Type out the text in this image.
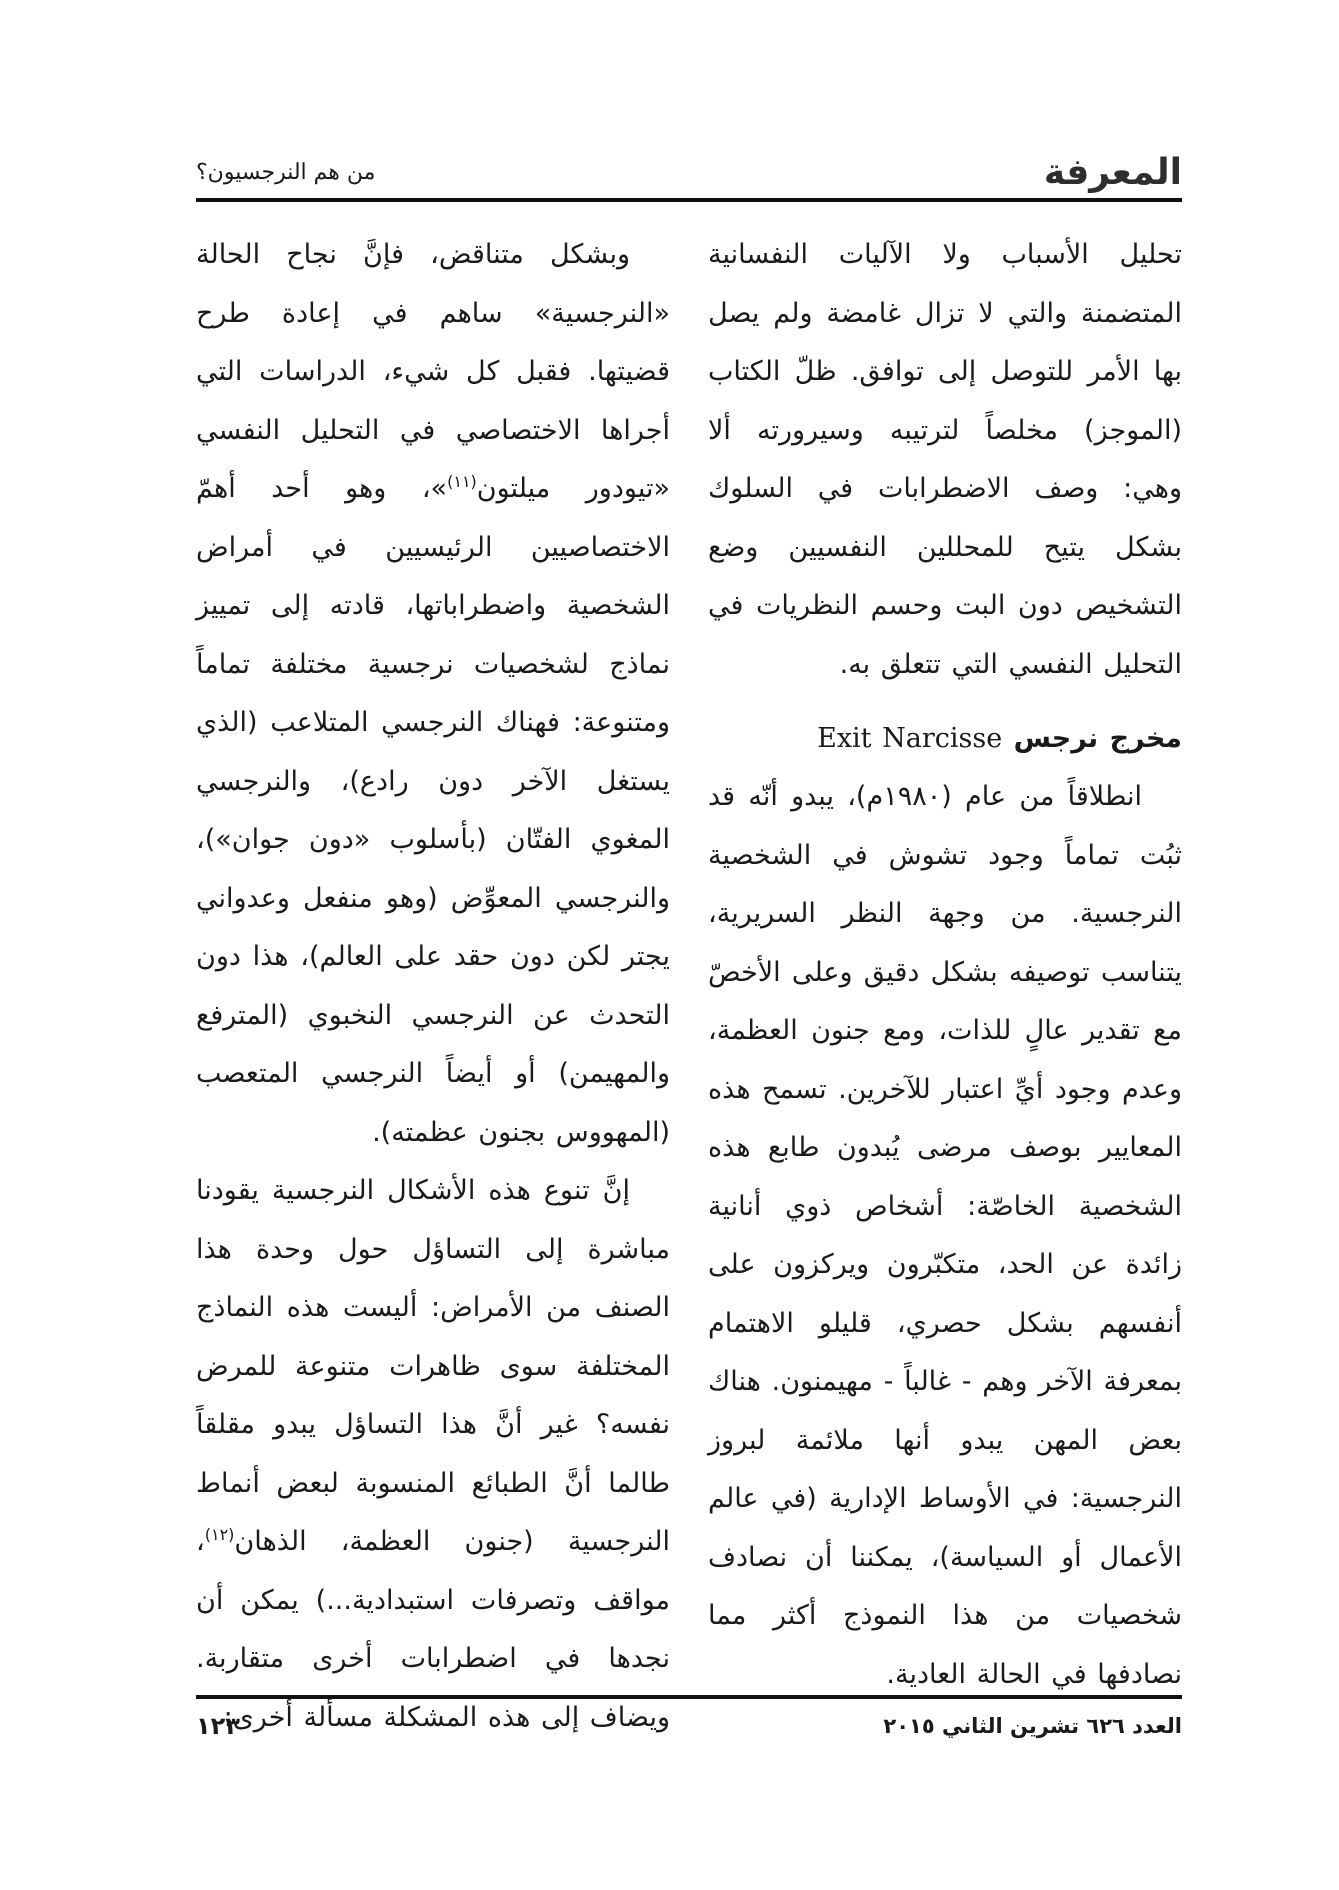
المعرفة
من هم النرجسيون؟

تحليل الأسباب ولا الآليات النفسانية المتضمنة والتي لا تزال غامضة ولم يصل بها الأمر للتوصل إلى توافق. ظلّ الكتاب (الموجز) مخلصاً لترتيبه وسيرورته ألا وهي: وصف الاضطرابات في السلوك بشكل يتيح للمحللين النفسيين وضع التشخيص دون البت وحسم النظريات في التحليل النفسي التي تتعلق به.

مخرج نرجس Exit Narcisse

انطلاقاً من عام (١٩٨٠م)، يبدو أنّه قد ثبُت تماماً وجود تشوش في الشخصية النرجسية. من وجهة النظر السريرية، يتناسب توصيفه بشكل دقيق وعلى الأخصّ مع تقدير عالٍ للذات، ومع جنون العظمة، وعدم وجود أيِّ اعتبار للآخرين. تسمح هذه المعايير بوصف مرضى يُبدون طابع هذه الشخصية الخاصّة: أشخاص ذوي أنانية زائدة عن الحد، متكبّرون ويركزون على أنفسهم بشكل حصري، قليلو الاهتمام بمعرفة الآخر وهم - غالباً - مهيمنون. هناك بعض المهن يبدو أنها ملائمة لبروز النرجسية: في الأوساط الإدارية (في عالم الأعمال أو السياسة)، يمكننا أن نصادف شخصيات من هذا النموذج أكثر مما نصادفها في الحالة العادية.

وبشكل متناقض، فإنَّ نجاح الحالة «النرجسية» ساهم في إعادة طرح قضيتها. فقبل كل شيء، الدراسات التي أجراها الاختصاصي في التحليل النفسي «تيودور ميلتون$^{(١١)}$»، وهو أحد أهمّ الاختصاصيين الرئيسيين في أمراض الشخصية واضطراباتها، قادته إلى تمييز نماذج لشخصيات نرجسية مختلفة تماماً ومتنوعة: فهناك النرجسي المتلاعب (الذي يستغل الآخر دون رادع)، والنرجسي المغوي الفتّان (بأسلوب «دون جوان»)، والنرجسي المعوِّض (وهو منفعل وعدواني يجتر لكن دون حقد على العالم)، هذا دون التحدث عن النرجسي النخبوي (المترفع والمهيمن) أو أيضاً النرجسي المتعصب (المهووس بجنون عظمته).

إنَّ تنوع هذه الأشكال النرجسية يقودنا مباشرة إلى التساؤل حول وحدة هذا الصنف من الأمراض: أليست هذه النماذج المختلفة سوى ظاهرات متنوعة للمرض نفسه؟ غير أنَّ هذا التساؤل يبدو مقلقاً طالما أنَّ الطبائع المنسوبة لبعض أنماط النرجسية (جنون العظمة، الذهان$^{(١٢)}$، مواقف وتصرفات استبدادية...) يمكن أن نجدها في اضطرابات أخرى متقاربة. ويضاف إلى هذه المشكلة مسألة أخرى:	العدد ٦٢٦ تشرين الثاني ٢٠١٥
١٢٣
